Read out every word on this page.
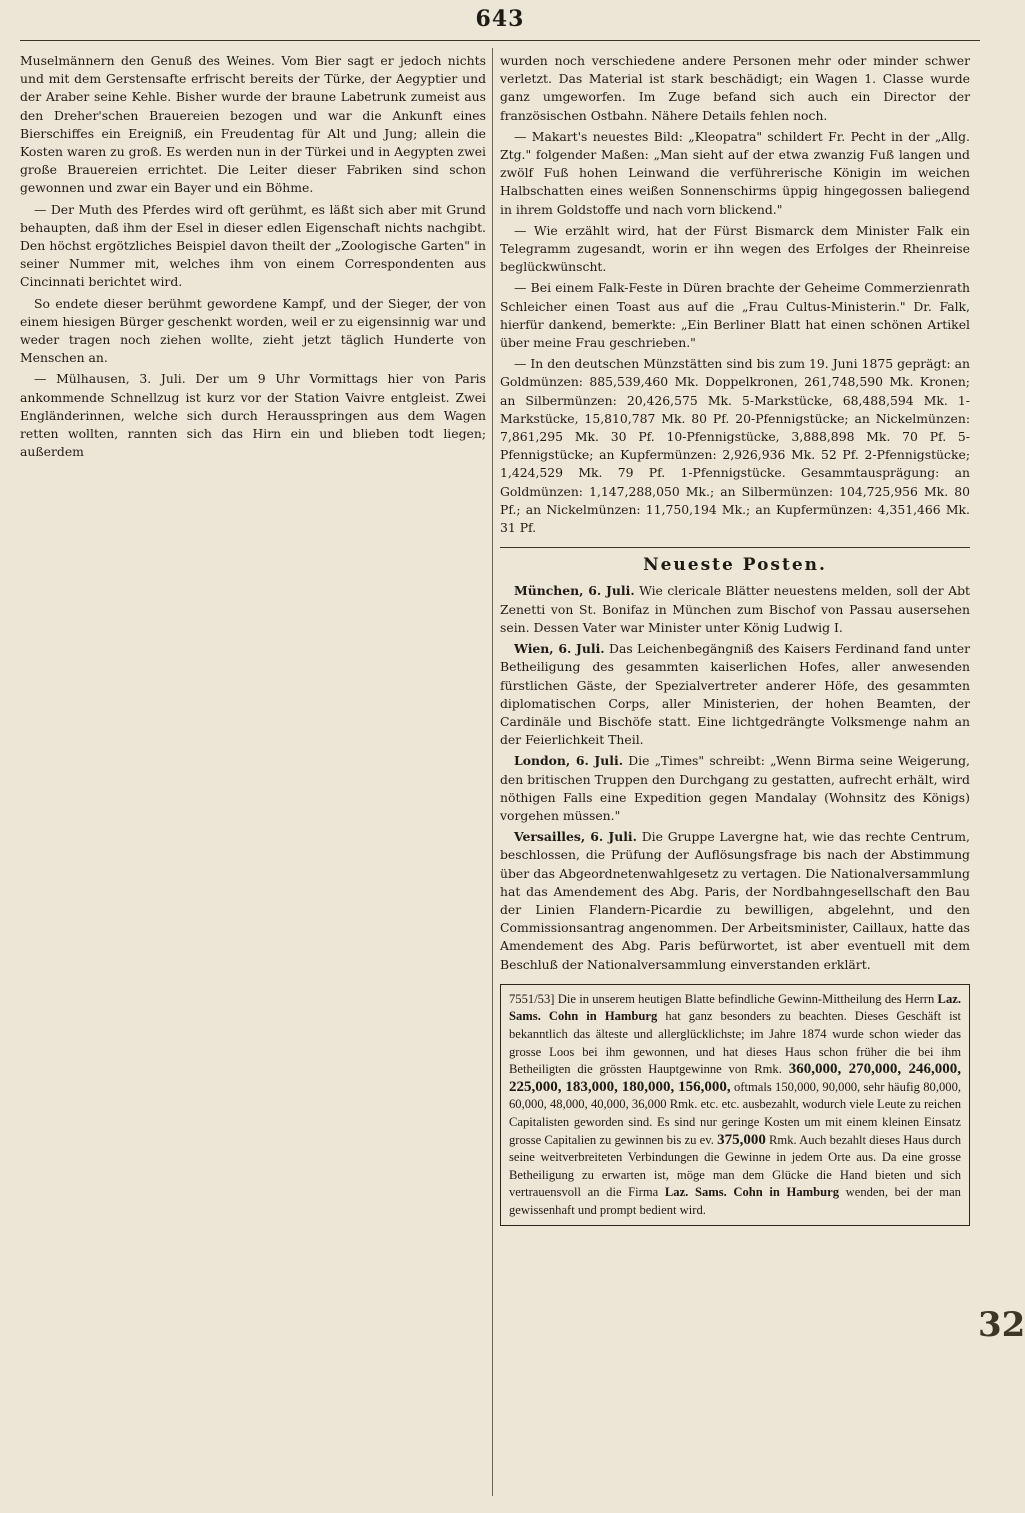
643

Muselmännern den Genuß des Weines. Vom Bier sagt er jedoch nichts und mit dem Gerstensafte erfrischt bereits der Türke, der Aegyptier und der Araber seine Kehle. Bisher wurde der braune Labetrunk zumeist aus den Dreher'schen Brauereien bezogen und war die Ankunft eines Bierschiffes ein Ereigniß, ein Freudentag für Alt und Jung; allein die Kosten waren zu groß. Es werden nun in der Türkei und in Aegypten zwei große Brauereien errichtet. Die Leiter dieser Fabriken sind schon gewonnen und zwar ein Bayer und ein Böhme.

— Der Muth des Pferdes wird oft gerühmt, es läßt sich aber mit Grund behaupten, daß ihm der Esel in dieser edlen Eigenschaft nichts nachgibt. Den höchst ergötzliches Beispiel davon theilt der „Zoologische Garten" in seiner Nummer mit, welches ihm von einem Correspondenten aus Cincinnati berichtet wird.

So endete dieser berühmt gewordene Kampf, und der Sieger, der von einem hiesigen Bürger geschenkt worden, weil er zu eigensinnig war und weder tragen noch ziehen wollte, zieht jetzt täglich Hunderte von Menschen an.

— Mülhausen, 3. Juli. Der um 9 Uhr Vormittags hier von Paris ankommende Schnellzug ist kurz vor der Station Vaivre entgleist. Zwei Engländerinnen, welche sich durch Herausspringen aus dem Wagen retten wollten, rannten sich das Hirn ein und blieben todt liegen; außerdem

wurden noch verschiedene andere Personen mehr oder minder schwer verletzt. Das Material ist stark beschädigt; ein Wagen 1. Classe wurde ganz umgeworfen. Im Zuge befand sich auch ein Director der französischen Ostbahn. Nähere Details fehlen noch.

— Makart's neuestes Bild: „Kleopatra" schildert Fr. Pecht in der „Allg. Ztg." folgender Maßen: „Man sieht auf der etwa zwanzig Fuß langen und zwölf Fuß hohen Leinwand die verführerische Königin im weichen Halbschatten eines weißen Sonnenschirms üppig hingegossen baliegend in ihrem Goldstoffe und nach vorn blickend."

— Wie erzählt wird, hat der Fürst Bismarck dem Minister Falk ein Telegramm zugesandt, worin er ihn wegen des Erfolges der Rheinreise beglückwünscht.

— Bei einem Falk-Feste in Düren brachte der Geheime Commerzienrath Schleicher einen Toast aus auf die „Frau Cultus-Ministerin." Dr. Falk, hierfür dankend, bemerkte: „Ein Berliner Blatt hat einen schönen Artikel über meine Frau geschrieben."

— In den deutschen Münzstätten sind bis zum 19. Juni 1875 geprägt: an Goldmünzen: 885,539,460 Mk. Doppelkronen, 261,748,590 Mk. Kronen; an Silbermünzen: 20,426,575 Mk. 5-Markstücke, 68,488,594 Mk. 1-Markstücke, 15,810,787 Mk. 80 Pf. 20-Pfennigstücke; an Nickelmünzen: 7,861,295 Mk. 30 Pf. 10-Pfennigstücke, 3,888,898 Mk. 70 Pf. 5-Pfennigstücke; an Kupfermünzen: 2,926,936 Mk. 52 Pf. 2-Pfennigstücke; 1,424,529 Mk. 79 Pf. 1-Pfennigstücke. Gesammtausprägung: an Goldmünzen: 1,147,288,050 Mk.; an Silbermünzen: 104,725,956 Mk. 80 Pf.; an Nickelmünzen: 11,750,194 Mk.; an Kupfermünzen: 4,351,466 Mk. 31 Pf.

Neueste Posten.

München, 6. Juli. Wie clericale Blätter neuestens melden, soll der Abt Zenetti von St. Bonifaz in München zum Bischof von Passau ausersehen sein. Dessen Vater war Minister unter König Ludwig I.

Wien, 6. Juli. Das Leichenbegängniß des Kaisers Ferdinand fand unter Betheiligung des gesammten kaiserlichen Hofes, aller anwesenden fürstlichen Gäste, der Spezialvertreter anderer Höfe, des gesammten diplomatischen Corps, aller Ministerien, der hohen Beamten, der Cardinäle und Bischöfe statt. Eine lichtgedrängte Volksmenge nahm an der Feierlichkeit Theil.

London, 6. Juli. Die „Times" schreibt: „Wenn Birma seine Weigerung, den britischen Truppen den Durchgang zu gestatten, aufrecht erhält, wird nöthigen Falls eine Expedition gegen Mandalay (Wohnsitz des Königs) vorgehen müssen."

Versailles, 6. Juli. Die Gruppe Lavergne hat, wie das rechte Centrum, beschlossen, die Prüfung der Auflösungsfrage bis nach der Abstimmung über das Abgeordnetenwahlgesetz zu vertagen. Die Nationalversammlung hat das Amendement des Abg. Paris, der Nordbahngesellschaft den Bau der Linien Flandern-Picardie zu bewilligen, abgelehnt, und den Commissionsantrag angenommen. Der Arbeitsminister, Caillaux, hatte das Amendement des Abg. Paris befürwortet, ist aber eventuell mit dem Beschluß der Nationalversammlung einverstanden erklärt.

7551/53] Die in unserem heutigen Blatte befindliche Gewinn-Mittheilung des Herrn Laz. Sams. Cohn in Hamburg hat ganz besonders zu beachten. Dieses Geschäft ist bekanntlich das älteste und allerglücklichste; im Jahre 1874 wurde schon wieder das grosse Loos bei ihm gewonnen, und hat dieses Haus schon früher die bei ihm Betheiligten die grössten Hauptgewinne von Rmk. 360,000, 270,000, 246,000, 225,000, 183,000, 180,000, 156,000, oftmals 150,000, 90,000, sehr häufig 80,000, 60,000, 48,000, 40,000, 36,000 Rmk. etc. etc. ausbezahlt, wodurch viele Leute zu reichen Capitalisten geworden sind. Es sind nur geringe Kosten um mit einem kleinen Einsatz grosse Capitalien zu gewinnen bis zu ev. 375,000 Rmk. Auch bezahlt dieses Haus durch seine weitverbreiteten Verbindungen die Gewinne in jedem Orte aus. Da eine grosse Betheiligung zu erwarten ist, möge man dem Glücke die Hand bieten und sich vertrauensvoll an die Firma Laz. Sams. Cohn in Hamburg wenden, bei der man gewissenhaft und prompt bedient wird.
32
